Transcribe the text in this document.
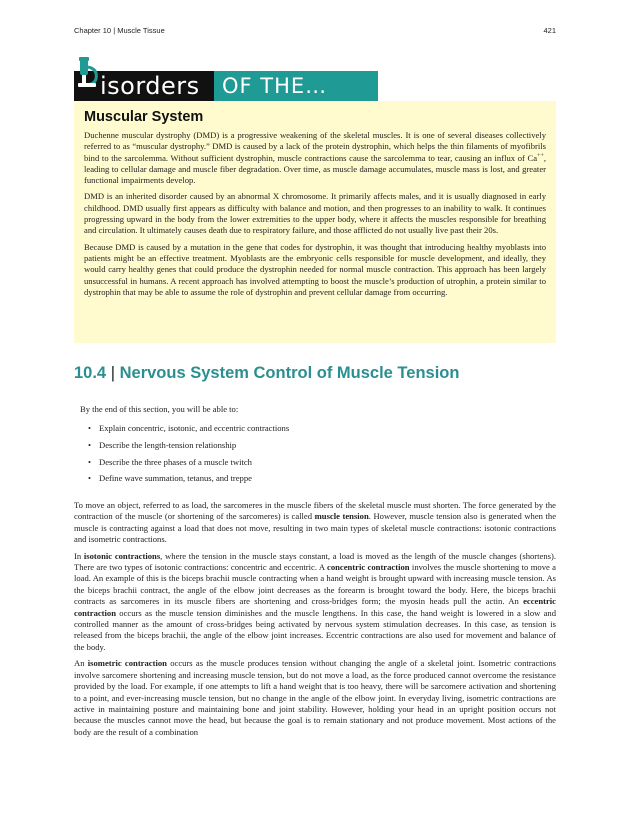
Chapter 10 | Muscle Tissue	421
isorders OF THE…
Muscular System

Duchenne muscular dystrophy (DMD) is a progressive weakening of the skeletal muscles. It is one of several diseases collectively referred to as “muscular dystrophy.” DMD is caused by a lack of the protein dystrophin, which helps the thin filaments of myofibrils bind to the sarcolemma. Without sufficient dystrophin, muscle contractions cause the sarcolemma to tear, causing an influx of Ca++, leading to cellular damage and muscle fiber degradation. Over time, as muscle damage accumulates, muscle mass is lost, and greater functional impairments develop.

DMD is an inherited disorder caused by an abnormal X chromosome. It primarily affects males, and it is usually diagnosed in early childhood. DMD usually first appears as difficulty with balance and motion, and then progresses to an inability to walk. It continues progressing upward in the body from the lower extremities to the upper body, where it affects the muscles responsible for breathing and circulation. It ultimately causes death due to respiratory failure, and those afflicted do not usually live past their 20s.

Because DMD is caused by a mutation in the gene that codes for dystrophin, it was thought that introducing healthy myoblasts into patients might be an effective treatment. Myoblasts are the embryonic cells responsible for muscle development, and ideally, they would carry healthy genes that could produce the dystrophin needed for normal muscle contraction. This approach has been largely unsuccessful in humans. A recent approach has involved attempting to boost the muscle’s production of utrophin, a protein similar to dystrophin that may be able to assume the role of dystrophin and prevent cellular damage from occurring.

10.4 | Nervous System Control of Muscle Tension

By the end of this section, you will be able to:

• Explain concentric, isotonic, and eccentric contractions
• Describe the length-tension relationship
• Describe the three phases of a muscle twitch
• Define wave summation, tetanus, and treppe

To move an object, referred to as load, the sarcomeres in the muscle fibers of the skeletal muscle must shorten. The force generated by the contraction of the muscle (or shortening of the sarcomeres) is called muscle tension. However, muscle tension also is generated when the muscle is contracting against a load that does not move, resulting in two main types of skeletal muscle contractions: isotonic contractions and isometric contractions.

In isotonic contractions, where the tension in the muscle stays constant, a load is moved as the length of the muscle changes (shortens). There are two types of isotonic contractions: concentric and eccentric. A concentric contraction involves the muscle shortening to move a load. An example of this is the biceps brachii muscle contracting when a hand weight is brought upward with increasing muscle tension. As the biceps brachii contract, the angle of the elbow joint decreases as the forearm is brought toward the body. Here, the biceps brachii contracts as sarcomeres in its muscle fibers are shortening and cross-bridges form; the myosin heads pull the actin. An eccentric contraction occurs as the muscle tension diminishes and the muscle lengthens. In this case, the hand weight is lowered in a slow and controlled manner as the amount of cross-bridges being activated by nervous system stimulation decreases. In this case, as tension is released from the biceps brachii, the angle of the elbow joint increases. Eccentric contractions are also used for movement and balance of the body.

An isometric contraction occurs as the muscle produces tension without changing the angle of a skeletal joint. Isometric contractions involve sarcomere shortening and increasing muscle tension, but do not move a load, as the force produced cannot overcome the resistance provided by the load. For example, if one attempts to lift a hand weight that is too heavy, there will be sarcomere activation and shortening to a point, and ever-increasing muscle tension, but no change in the angle of the elbow joint. In everyday living, isometric contractions are active in maintaining posture and maintaining bone and joint stability. However, holding your head in an upright position occurs not because the muscles cannot move the head, but because the goal is to remain stationary and not produce movement. Most actions of the body are the result of a combination
